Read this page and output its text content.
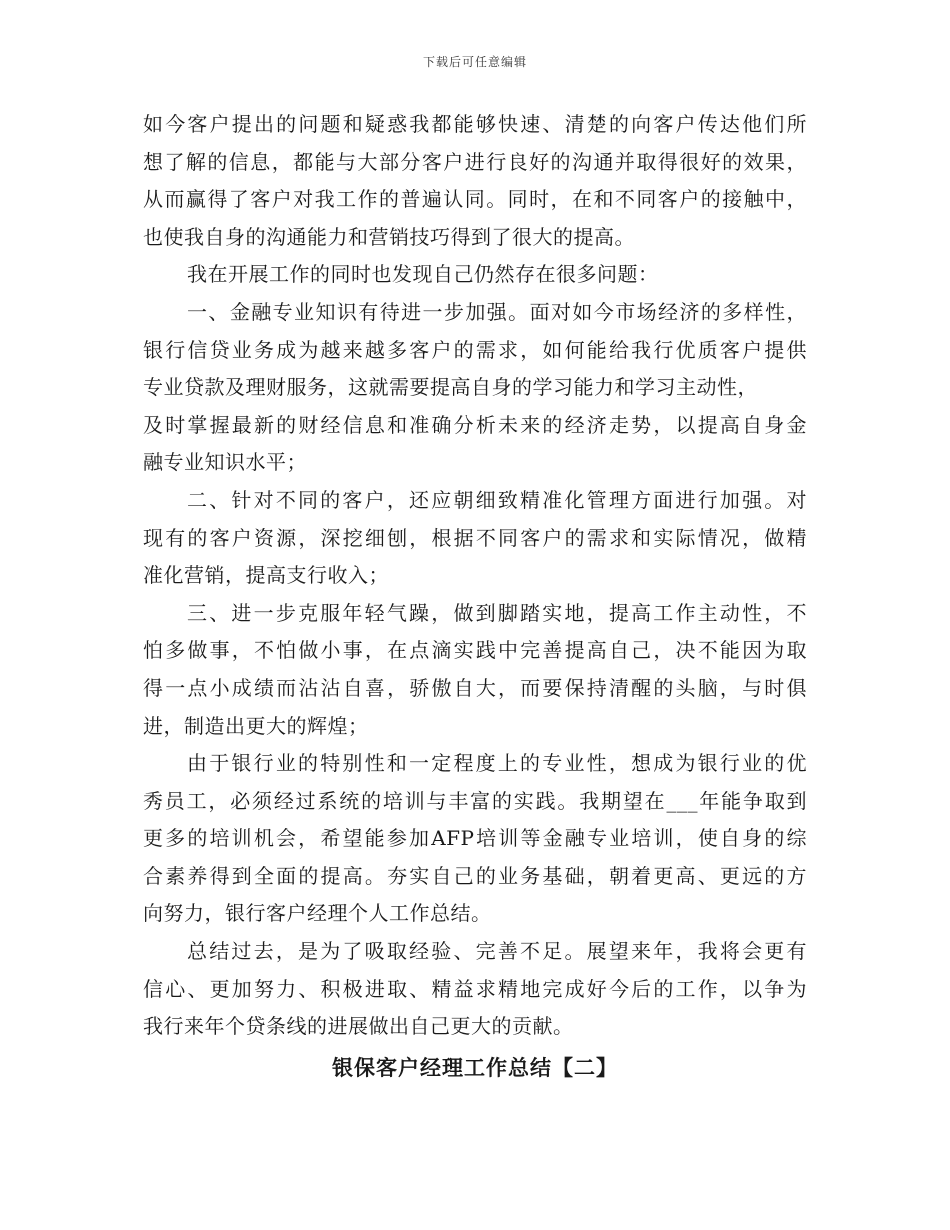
下载后可任意编辑
如今客户提出的问题和疑惑我都能够快速、清楚的向客户传达他们所
想了解的信息，都能与大部分客户进行良好的沟通并取得很好的效果，
从而赢得了客户对我工作的普遍认同。同时，在和不同客户的接触中，
也使我自身的沟通能力和营销技巧得到了很大的提高。
我在开展工作的同时也发现自己仍然存在很多问题：
一、金融专业知识有待进一步加强。面对如今市场经济的多样性，
银行信贷业务成为越来越多客户的需求，如何能给我行优质客户提供
专业贷款及理财服务，这就需要提高自身的学习能力和学习主动性，
及时掌握最新的财经信息和准确分析未来的经济走势，以提高自身金
融专业知识水平；
二、针对不同的客户，还应朝细致精准化管理方面进行加强。对
现有的客户资源，深挖细刨，根据不同客户的需求和实际情况，做精
准化营销，提高支行收入；
三、进一步克服年轻气躁，做到脚踏实地，提高工作主动性，不
怕多做事，不怕做小事，在点滴实践中完善提高自己，决不能因为取
得一点小成绩而沾沾自喜，骄傲自大，而要保持清醒的头脑，与时俱
进，制造出更大的辉煌；
由于银行业的特别性和一定程度上的专业性，想成为银行业的优
秀员工，必须经过系统的培训与丰富的实践。我期望在___年能争取到
更多的培训机会，希望能参加AFP培训等金融专业培训，使自身的综
合素养得到全面的提高。夯实自己的业务基础，朝着更高、更远的方
向努力，银行客户经理个人工作总结。
总结过去，是为了吸取经验、完善不足。展望来年，我将会更有
信心、更加努力、积极进取、精益求精地完成好今后的工作，以争为
我行来年个贷条线的进展做出自己更大的贡献。
银保客户经理工作总结【二】
